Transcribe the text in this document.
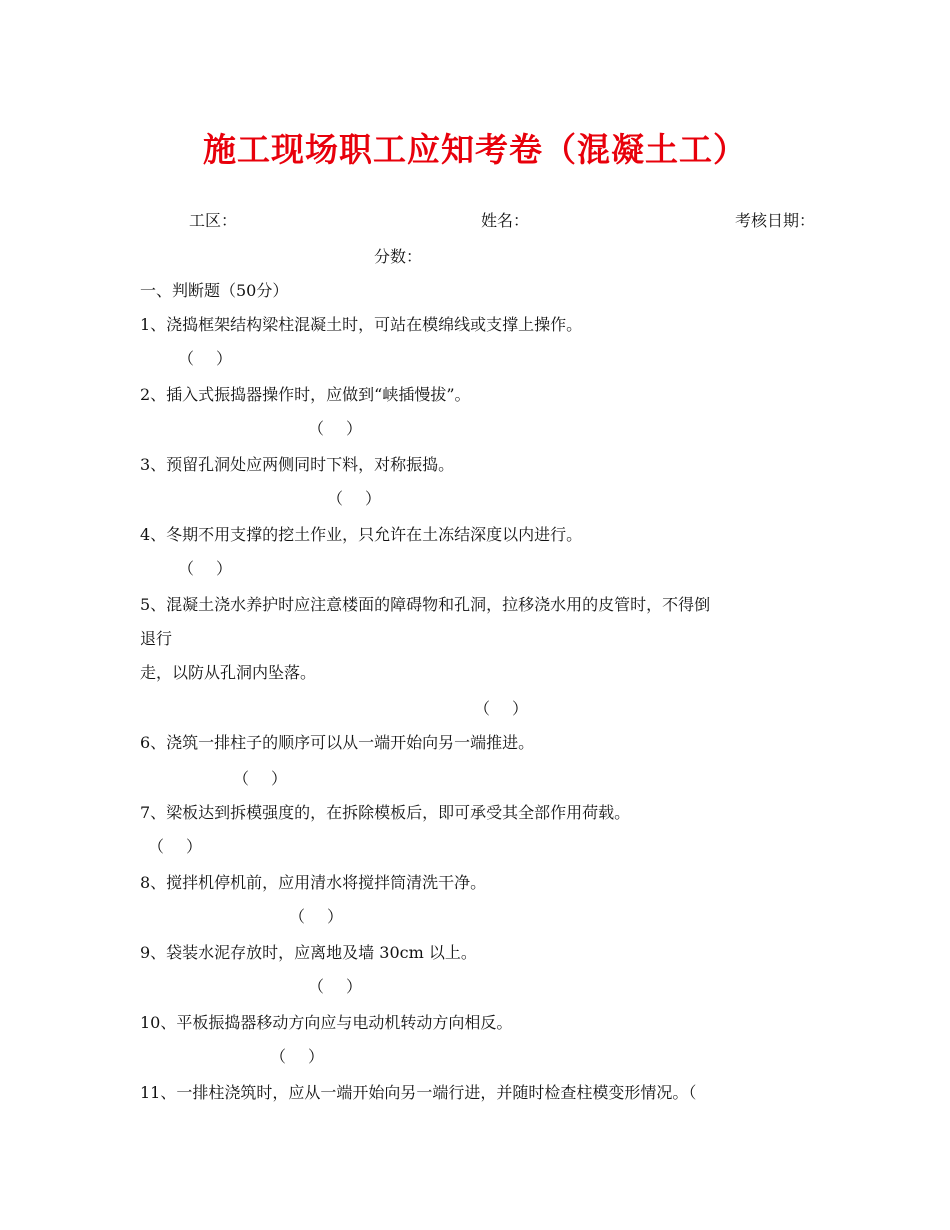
施工现场职工应知考卷（混凝土工）
工区：	姓名：	考核日期：
分数：
一、判断题（50分）
1、浇捣框架结构梁柱混凝土时，可站在模绵线或支撑上操作。
（ ）
2、插入式振捣器操作时，应做到“峡插慢拔”。
（ ）
3、预留孔洞处应两侧同时下料，对称振捣。
（ ）
4、冬期不用支撑的挖土作业，只允许在土冻结深度以内进行。
（ ）
5、混凝土浇水养护时应注意楼面的障碍物和孔洞，拉移浇水用的皮管时，不得倒
退行
走，以防从孔洞内坠落。
（ ）
6、浇筑一排柱子的顺序可以从一端开始向另一端推进。
（ ）
7、梁板达到拆模强度的，在拆除模板后，即可承受其全部作用荷载。
（ ）
8、搅拌机停机前，应用清水将搅拌筒清洗干净。
（ ）
9、袋装水泥存放时，应离地及墙 30cm 以上。
（ ）
10、平板振捣器移动方向应与电动机转动方向相反。
（ ）
11、一排柱浇筑时，应从一端开始向另一端行进，并随时检查柱模变形情况。（
